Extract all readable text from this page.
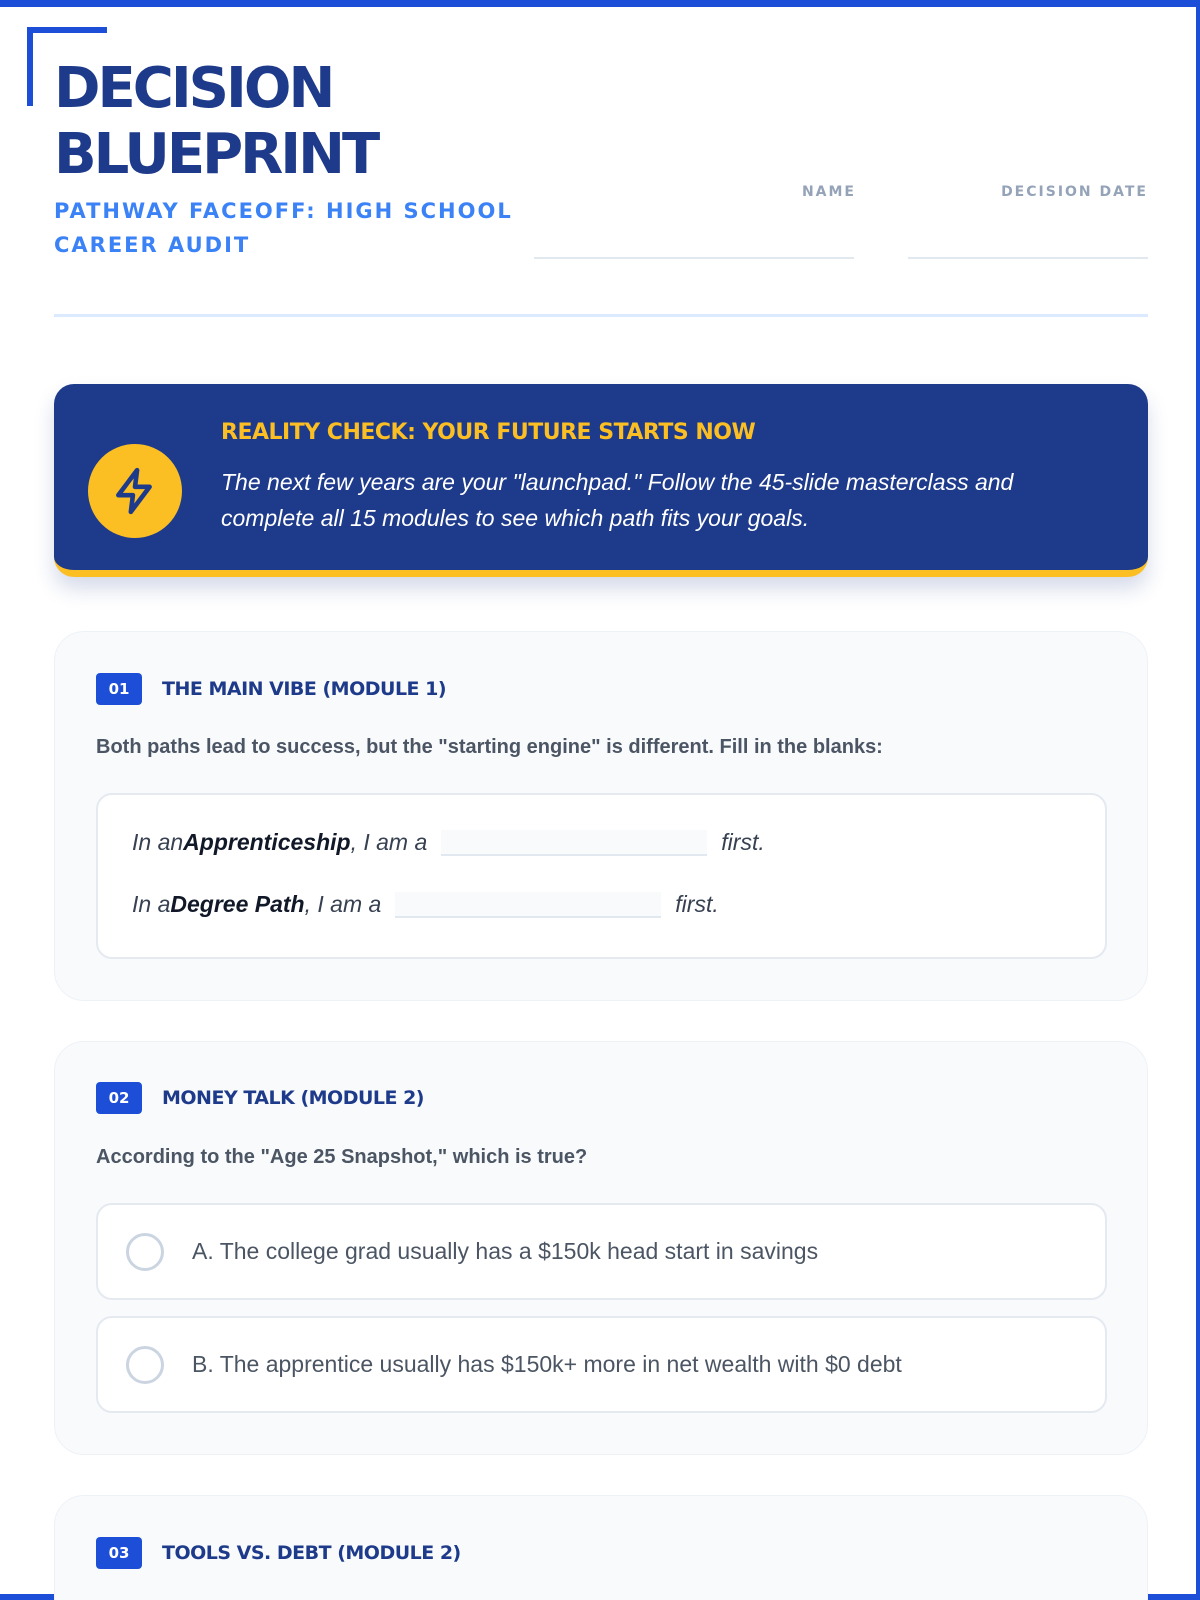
DECISION
BLUEPRINT
PATHWAY FACEOFF: HIGH SCHOOL CAREER AUDIT
NAME	DECISION DATE
REALITY CHECK: YOUR FUTURE STARTS NOW
The next few years are your "launchpad." Follow the 45-slide masterclass and complete all 15 modules to see which path fits your goals.
01	THE MAIN VIBE (MODULE 1)
Both paths lead to success, but the "starting engine" is different. Fill in the blanks:
In an Apprenticeship , I am a	first.
In a Degree Path , I am a	first.
02	MONEY TALK (MODULE 2)
According to the "Age 25 Snapshot," which is true?
A. The college grad usually has a $150k head start in savings
B. The apprentice usually has $150k+ more in net wealth with $0 debt
03	TOOLS VS. DEBT (MODULE 2)
